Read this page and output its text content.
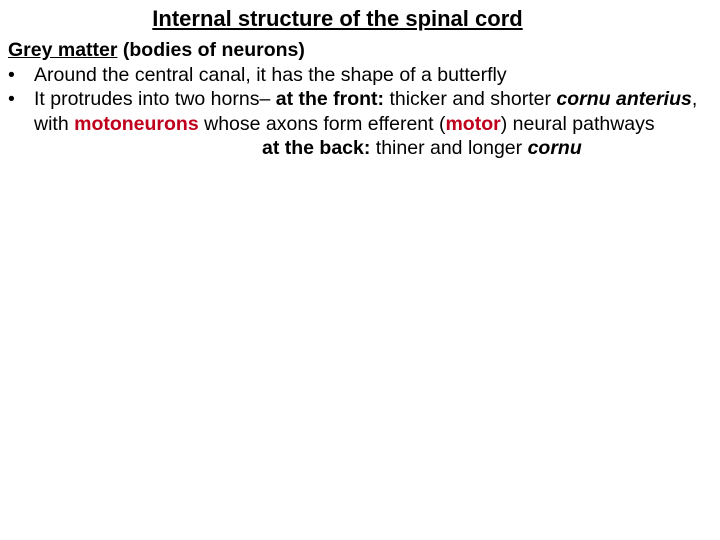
Internal structure of the spinal cord

Grey matter (bodies of neurons)

• Around the central canal, it has the shape of a butterfly
• It protrudes into two horns– at the front: thicker and shorter cornu anterius, with motoneurons whose axons form efferent (motor) neural pathways
at the back: thiner and longer cornu
